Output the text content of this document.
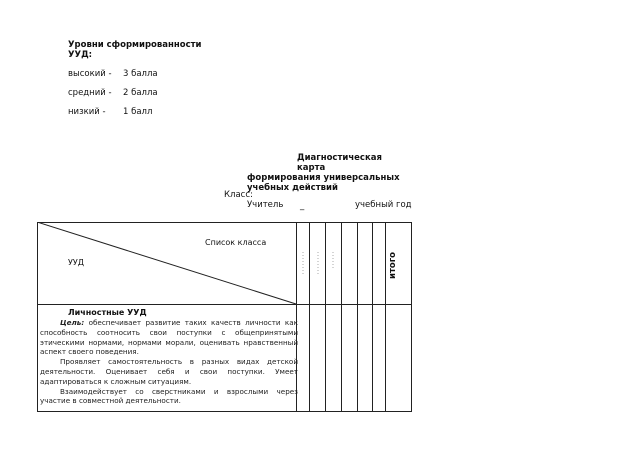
Уровни сформированности УУД:
высокий - 3 балла
средний - 2 балла
низкий - 1 балл
Диагностическая карта
формирования универсальных учебных действий
Класс:
Учитель _	учебный год
Список класса
УУД	итого
Личностные УУД

Цель: обеспечивает развитие таких качеств личности как способность соотносить свои поступки с общепринятыми этическими нормами, нормами морали, оценивать нравственный аспект своего поведения.

Проявляет самостоятельность в разных видах детской деятельности. Оценивает себя и свои поступки. Умеет адаптироваться к сложным ситуациям.

Взаимодействует со сверстниками и взрослыми через участие в совместной деятельности.
